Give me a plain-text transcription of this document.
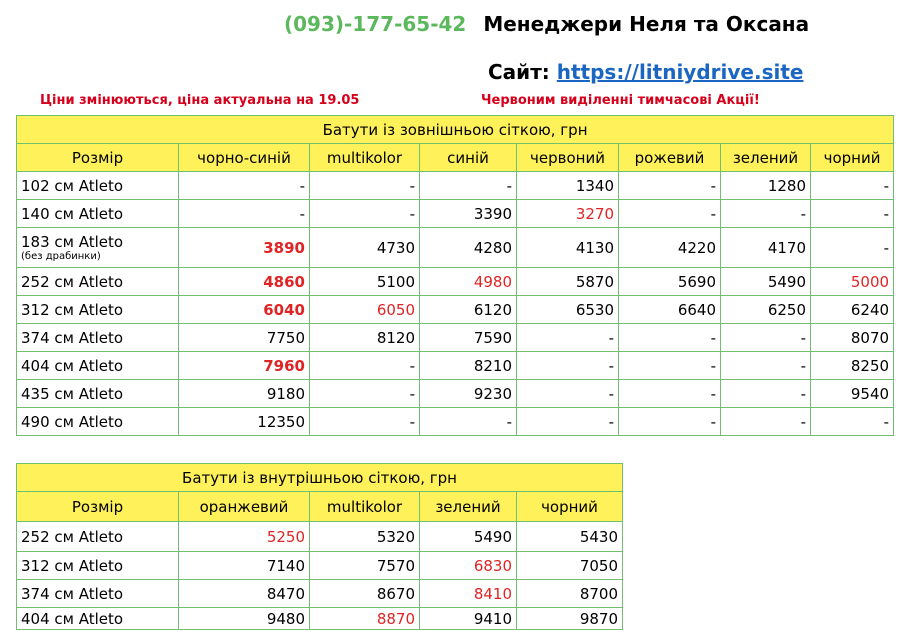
(093)-177-65-42 Менеджери Неля та Оксана
Сайт: https://litniydrive.site
Ціни змінюються, ціна актуальна на 19.05	Червоним виділенні тимчасові Акції!
Батути із зовнішньою сіткою, грн							
Розмір	чорно-синій	multikolor	синій	червоний	рожевий	зелений	чорний
102 см Atleto	-	-	-	1340	-	1280	-
140 см Atleto	-	-	3390	3270	-	-	-

183 см Atleto
(без драбинки)	3890	4730	4280	4130	4220	4170	-
252 см Atleto	4860	5100	4980	5870	5690	5490	5000
312 см Atleto	6040	6050	6120	6530	6640	6250	6240
374 см Atleto	7750	8120	7590	-	-	-	8070
404 см Atleto	7960	-	8210	-	-	-	8250
435 см Atleto	9180	-	9230	-	-	-	9540
490 см Atleto	12350	-	-	-	-	-	-
Батути із внутрішньою сіткою, грн				
Розмір	оранжевий	multikolor	зелений	чорний
252 см Atleto	5250	5320	5490	5430
312 см Atleto	7140	7570	6830	7050
374 см Atleto	8470	8670	8410	8700
404 см Atleto	9480	8870	9410	9870
